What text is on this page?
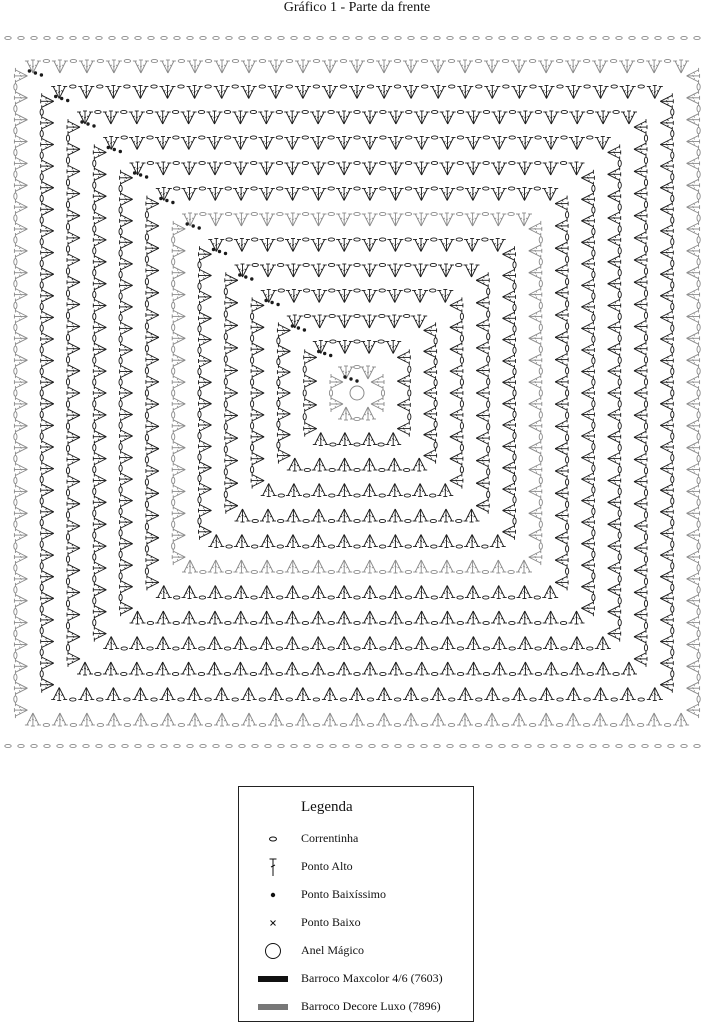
Gráfico 1 - Parte da frente
Legenda
Correntinha
Ponto Alto
Ponto Baixíssimo
Ponto Baixo
Anel Mágico
Barroco Maxcolor 4/6 (7603)
Barroco Decore Luxo (7896)
